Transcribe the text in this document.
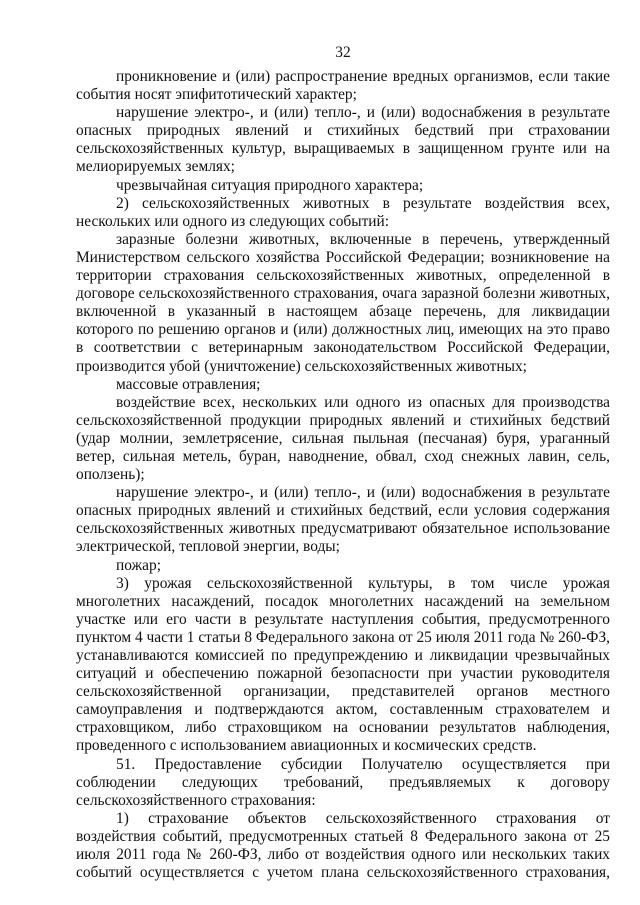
32

проникновение и (или) распространение вредных организмов, если такие события носят эпифитотический характер;

нарушение электро-, и (или) тепло-, и (или) водоснабжения в результате опасных природных явлений и стихийных бедствий при страховании сельскохозяйственных культур, выращиваемых в защищенном грунте или на мелиорируемых землях;

чрезвычайная ситуация природного характера;

2) сельскохозяйственных животных в результате воздействия всех, нескольких или одного из следующих событий:

заразные болезни животных, включенные в перечень, утвержденный Министерством сельского хозяйства Российской Федерации; возникновение на территории страхования сельскохозяйственных животных, определенной в договоре сельскохозяйственного страхования, очага заразной болезни животных, включенной в указанный в настоящем абзаце перечень, для ликвидации которого по решению органов и (или) должностных лиц, имеющих на это право в соответствии с ветеринарным законодательством Российской Федерации, производится убой (уничтожение) сельскохозяйственных животных;

массовые отравления;

воздействие всех, нескольких или одного из опасных для производства сельскохозяйственной продукции природных явлений и стихийных бедствий (удар молнии, землетрясение, сильная пыльная (песчаная) буря, ураганный ветер, сильная метель, буран, наводнение, обвал, сход снежных лавин, сель, оползень);

нарушение электро-, и (или) тепло-, и (или) водоснабжения в результате опасных природных явлений и стихийных бедствий, если условия содержания сельскохозяйственных животных предусматривают обязательное использование электрической, тепловой энергии, воды;

пожар;

3) урожая сельскохозяйственной культуры, в том числе урожая многолетних насаждений, посадок многолетних насаждений на земельном участке или его части в результате наступления события, предусмотренного пунктом 4 части 1 статьи 8 Федерального закона от 25 июля 2011 года № 260-ФЗ, устанавливаются комиссией по предупреждению и ликвидации чрезвычайных ситуаций и обеспечению пожарной безопасности при участии руководителя сельскохозяйственной организации, представителей органов местного самоуправления и подтверждаются актом, составленным страхователем и страховщиком, либо страховщиком на основании результатов наблюдения, проведенного с использованием авиационных и космических средств.

51. Предоставление субсидии Получателю осуществляется при соблюдении следующих требований, предъявляемых к договору сельскохозяйственного страхования:

1) страхование объектов сельскохозяйственного страхования от воздействия событий, предусмотренных статьей 8 Федерального закона от 25 июля 2011 года № 260-ФЗ, либо от воздействия одного или нескольких таких событий осуществляется с учетом плана сельскохозяйственного страхования,
